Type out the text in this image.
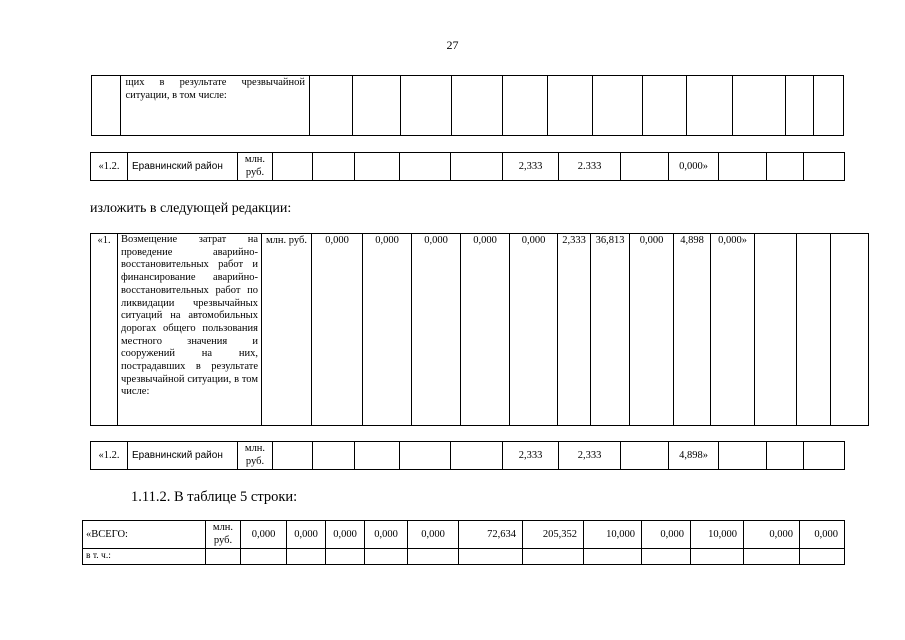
27
	щих в результате чрезвычайной ситуации, в том числе:												
«1.2.	Еравнинский район	млн. руб.						2,333	2.333		0,000»			
изложить в следующей редакции:
«1.	Возмещение затрат на проведение аварийно-восстановительных работ и финансирование аварийно-восстановительных работ по ликвидации чрезвычайных ситуаций на автомобильных дорогах общего пользования местного значения и сооружений на них, пострадавших в результате чрезвычайной ситуации, в том числе:	млн. руб.	0,000	0,000	0,000	0,000	0,000	2,333	36,813	0,000	4,898	0,000»			
«1.2.	Еравнинский район	млн. руб.						2,333	2,333		4,898»			
1.11.2. В таблице 5 строки:
«ВСЕГО:	млн. руб.	0,000	0,000	0,000	0,000	0,000	72,634	205,352	10,000	0,000	10,000	0,000	0,000
в т. ч.:													
